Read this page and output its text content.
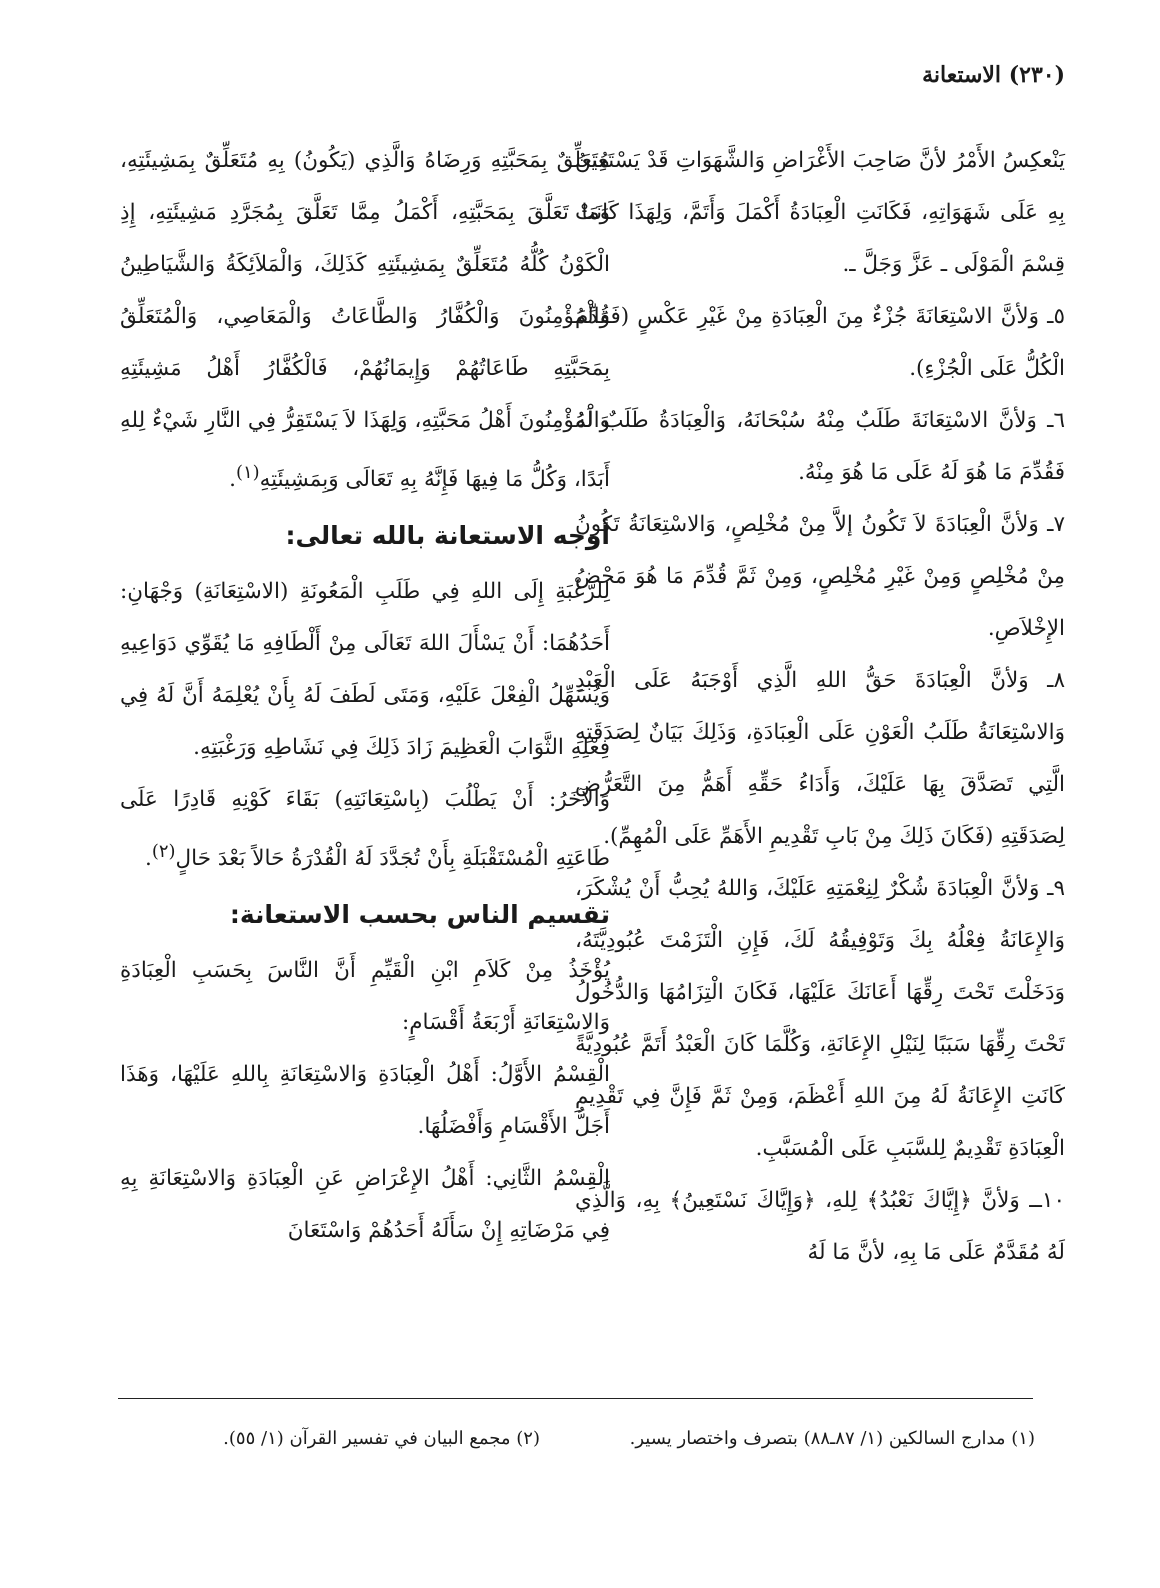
(٢٣٠) الاستعانة

يَنْعكِسُ الأَمْرُ لأنَّ صَاحِبَ الأَغْرَاضِ وَالشَّهَوَاتِ قَدْ يَسْتَعِينُ بِهِ عَلَى شَهَوَاتِهِ، فَكَانَتِ الْعِبَادَةُ أَكْمَلَ وَأَتَمَّ، وَلِهَذَا كَانَتْ قِسْمَ الْمَوْلَى ـ عَزَّ وَجَلَّ ـ.

٥ـ وَلأنَّ الاسْتِعَانَةَ جُزْءٌ مِنَ الْعِبَادَةِ مِنْ غَيْرِ عَكْسٍ (فَقُدِّمَ الْكُلُّ عَلَى الْجُزْءِ).

٦ـ وَلأنَّ الاسْتِعَانَةَ طَلَبٌ مِنْهُ سُبْحَانَهُ، وَالْعِبَادَةُ طَلَبٌ لَهُ فَقُدِّمَ مَا هُوَ لَهُ عَلَى مَا هُوَ مِنْهُ.

٧ـ وَلأنَّ الْعِبَادَةَ لاَ تَكُونُ إلاَّ مِنْ مُخْلِصٍ، وَالاسْتِعَانَةُ تَكُونُ مِنْ مُخْلِصٍ وَمِنْ غَيْرِ مُخْلِصٍ، وَمِنْ ثَمَّ قُدِّمَ مَا هُوَ مَحْضُ الإِخْلاَصِ.

٨ـ وَلأنَّ الْعِبَادَةَ حَقُّ اللهِ الَّذِي أَوْجَبَهُ عَلَى الْعَبْدِ وَالاسْتِعَانَةُ طَلَبُ الْعَوْنِ عَلَى الْعِبَادَةِ، وَذَلِكَ بَيَانٌ لِصَدَقَتِهِ الَّتِي تَصَدَّقَ بِهَا عَلَيْكَ، وَأَدَاءُ حَقِّهِ أَهَمُّ مِنَ التَّعَرُّضِ لِصَدَقَتِهِ (فَكَانَ ذَلِكَ مِنْ بَابِ تَقْدِيمِ الأَهَمِّ عَلَى الْمُهِمِّ).

٩ـ وَلأنَّ الْعِبَادَةَ شُكْرٌ لِنِعْمَتِهِ عَلَيْكَ، وَاللهُ يُحِبُّ أَنْ يُشْكَرَ، وَالإِعَانَةُ فِعْلُهُ بِكَ وَتَوْفِيقُهُ لَكَ، فَإِنِ الْتَزَمْتَ عُبُودِيَّتَهُ، وَدَخَلْتَ تَحْتَ رِقِّهَا أَعَانَكَ عَلَيْهَا، فَكَانَ الْتِزَامُهَا وَالدُّخُولُ تَحْتَ رِقِّهَا سَبَبًا لِنَيْلِ الإِعَانَةِ، وَكُلَّمَا كَانَ الْعَبْدُ أَتَمَّ عُبُودِيَّةً كَانَتِ الإِعَانَةُ لَهُ مِنَ اللهِ أَعْظَمَ، وَمِنْ ثَمَّ فَإِنَّ فِي تَقْدِيمِ الْعِبَادَةِ تَقْدِيمٌ لِلسَّبَبِ عَلَى الْمُسَبَّبِ.

١٠ــ وَلأنَّ ﴿إِيَّاكَ نَعْبُدُ﴾ لِلهِ، ﴿وَإِيَّاكَ نَسْتَعِينُ﴾ بِهِ، وَالَّذِي لَهُ مُقَدَّمٌ عَلَى مَا بِهِ، لأنَّ مَا لَهُ

مُتَعَلِّقٌ بِمَحَبَّتِهِ وَرِضَاهُ وَالَّذِي (يَكُونُ) بِهِ مُتَعَلِّقٌ بِمَشِيئَتِهِ، وَمَا تَعَلَّقَ بِمَحَبَّتِهِ، أَكْمَلُ مِمَّا تَعَلَّقَ بِمُجَرَّدِ مَشِيئَتِهِ، إِذِ الْكَوْنُ كُلُّهُ مُتَعَلِّقٌ بِمَشِيئَتِهِ كَذَلِكَ، وَالْمَلاَئِكَةُ وَالشَّيَاطِينُ وَالْمُؤْمِنُونَ وَالْكُفَّارُ وَالطَّاعَاتُ وَالْمَعَاصِي، وَالْمُتَعَلِّقُ بِمَحَبَّتِهِ طَاعَاتُهُمْ وَإِيمَانُهُمْ، فَالْكُفَّارُ أَهْلُ مَشِيئَتِهِ وَالْمُؤْمِنُونَ أَهْلُ مَحَبَّتِهِ، وَلِهَذَا لاَ يَسْتَقِرُّ فِي النَّارِ شَيْءٌ لِلهِ أَبَدًا، وَكُلُّ مَا فِيهَا فَإِنَّهُ بِهِ تَعَالَى وَبِمَشِيئَتِهِ$^{(١)}$.

أوجه الاستعانة بالله تعالى:

لِلرَّغْبَةِ إِلَى اللهِ فِي طَلَبِ الْمَعُونَةِ (الاسْتِعَانَةِ) وَجْهَانِ: أَحَدُهُمَا: أَنْ يَسْأَلَ اللهَ تَعَالَى مِنْ أَلْطَافِهِ مَا يُقَوِّي دَوَاعِيهِ وَيُسَهِّلُ الْفِعْلَ عَلَيْهِ، وَمَتَى لَطَفَ لَهُ بِأَنْ يُعْلِمَهُ أَنَّ لَهُ فِي فِعْلِهِ الثَّوَابَ الْعَظِيمَ زَادَ ذَلِكَ فِي نَشَاطِهِ وَرَغْبَتِهِ.

وَالآخَرُ: أَنْ يَطْلُبَ (بِاسْتِعَانَتِهِ) بَقَاءَ كَوْنِهِ قَادِرًا عَلَى طَاعَتِهِ الْمُسْتَقْبَلَةِ بِأَنْ تُجَدَّدَ لَهُ الْقُدْرَةُ حَالاً بَعْدَ حَالٍ$^{(٢)}$.

تقسيم الناس بحسب الاستعانة:

يُؤْخَذُ مِنْ كَلاَمِ ابْنِ الْقَيِّمِ أَنَّ النَّاسَ بِحَسَبِ الْعِبَادَةِ وَالاسْتِعَانَةِ أَرْبَعَةُ أَقْسَامٍ:

الْقِسْمُ الأَوَّلُ: أَهْلُ الْعِبَادَةِ وَالاسْتِعَانَةِ بِاللهِ عَلَيْهَا، وَهَذَا أَجَلُّ الأَقْسَامِ وَأَفْضَلُهَا.

الْقِسْمُ الثَّانِي: أَهْلُ الإِعْرَاضِ عَنِ الْعِبَادَةِ وَالاسْتِعَانَةِ بِهِ فِي مَرْضَاتِهِ إِنْ سَأَلَهُ أَحَدُهُمْ وَاسْتَعَانَ

(١) مدارج السالكين (١/ ٨٧ـ٨٨) بتصرف واختصار يسير.
(٢) مجمع البيان في تفسير القرآن (١/ ٥٥).
